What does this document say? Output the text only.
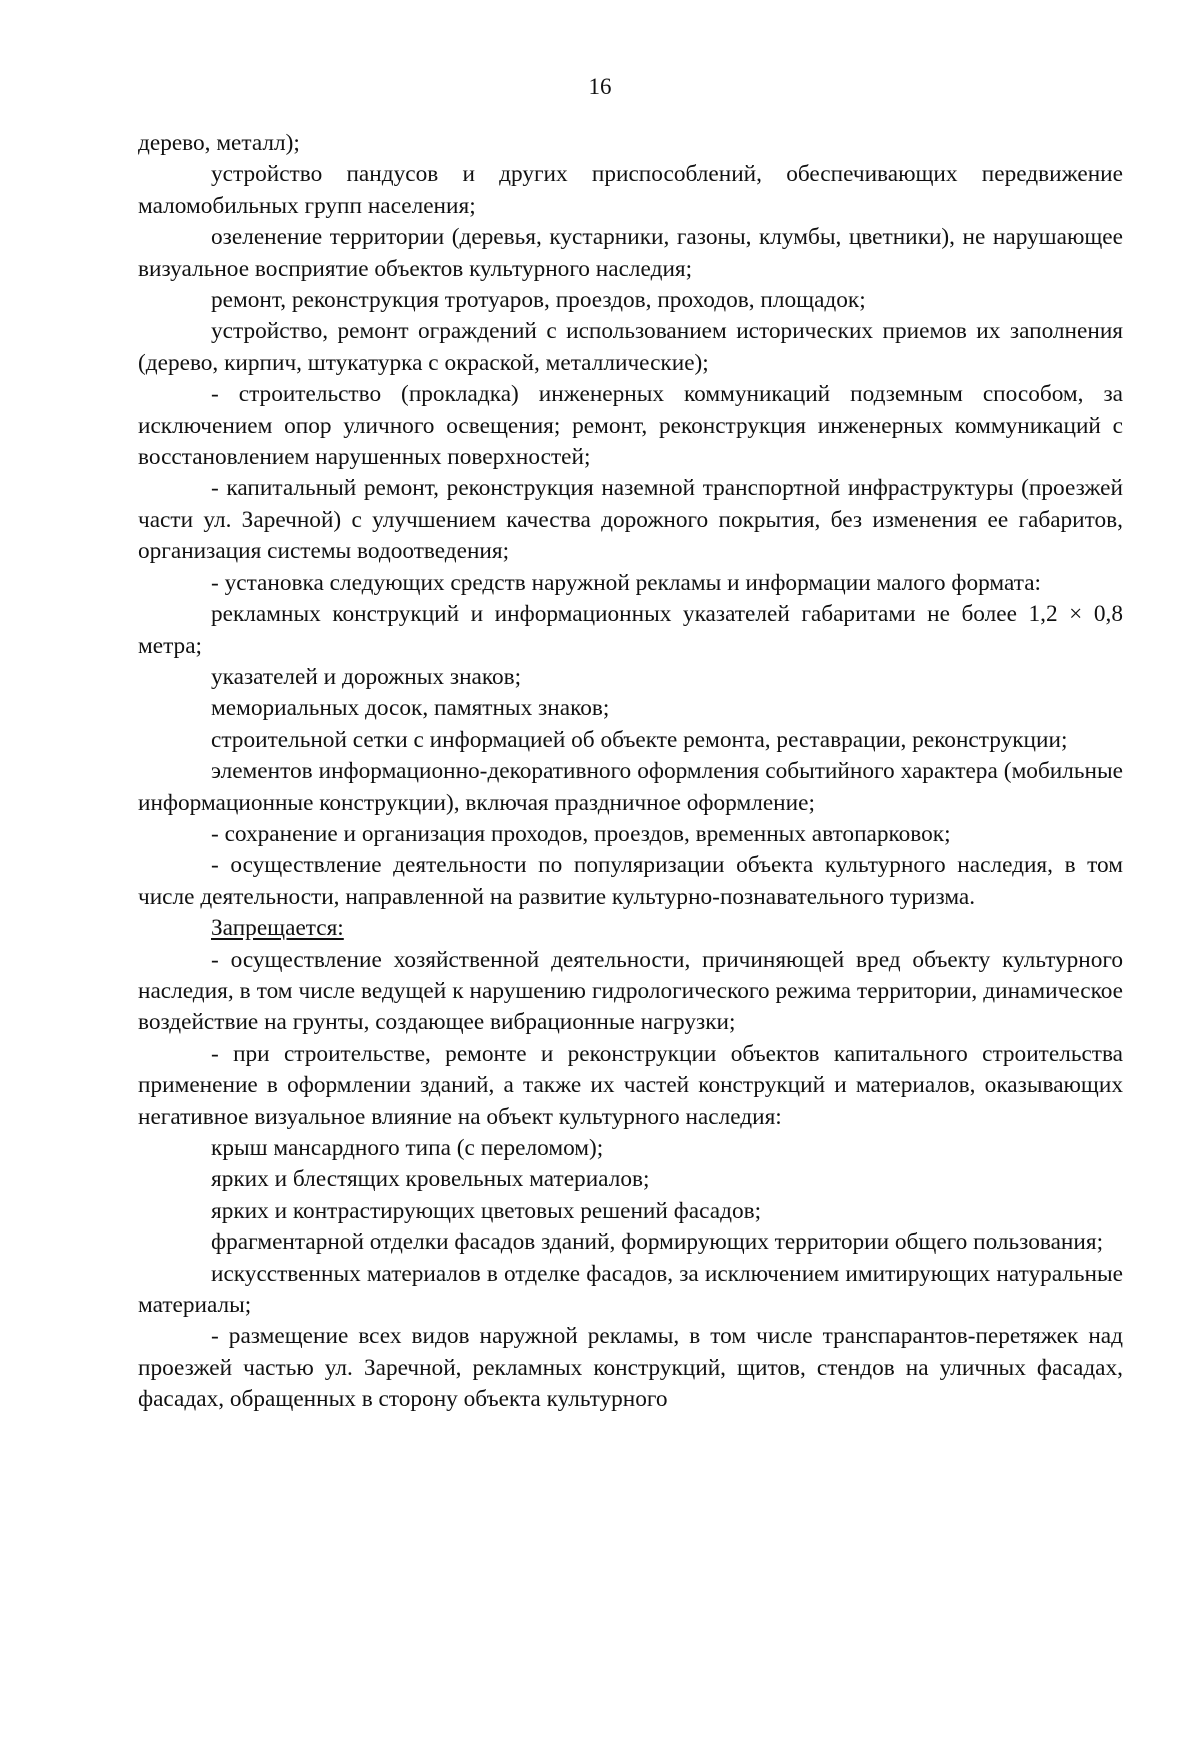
16

дерево, металл);

устройство пандусов и других приспособлений, обеспечивающих передвижение маломобильных групп населения;

озеленение территории (деревья, кустарники, газоны, клумбы, цветники), не нарушающее визуальное восприятие объектов культурного наследия;

ремонт, реконструкция тротуаров, проездов, проходов, площадок;

устройство, ремонт ограждений с использованием исторических приемов их заполнения (дерево, кирпич, штукатурка с окраской, металлические);

- строительство (прокладка) инженерных коммуникаций подземным способом, за исключением опор уличного освещения; ремонт, реконструкция инженерных коммуникаций с восстановлением нарушенных поверхностей;

- капитальный ремонт, реконструкция наземной транспортной инфраструктуры (проезжей части ул. Заречной) с улучшением качества дорожного покрытия, без изменения ее габаритов, организация системы водоотведения;

- установка следующих средств наружной рекламы и информации малого формата:

рекламных конструкций и информационных указателей габаритами не более 1,2 × 0,8 метра;

указателей и дорожных знаков;

мемориальных досок, памятных знаков;

строительной сетки с информацией об объекте ремонта, реставрации, реконструкции;

элементов информационно-декоративного оформления событийного характера (мобильные информационные конструкции), включая праздничное оформление;

- сохранение и организация проходов, проездов, временных автопарковок;

- осуществление деятельности по популяризации объекта культурного наследия, в том числе деятельности, направленной на развитие культурно-познавательного туризма.

Запрещается:

- осуществление хозяйственной деятельности, причиняющей вред объекту культурного наследия, в том числе ведущей к нарушению гидрологического режима территории, динамическое воздействие на грунты, создающее вибрационные нагрузки;

- при строительстве, ремонте и реконструкции объектов капитального строительства применение в оформлении зданий, а также их частей конструкций и материалов, оказывающих негативное визуальное влияние на объект культурного наследия:

крыш мансардного типа (с переломом);

ярких и блестящих кровельных материалов;

ярких и контрастирующих цветовых решений фасадов;

фрагментарной отделки фасадов зданий, формирующих территории общего пользования;

искусственных материалов в отделке фасадов, за исключением имитирующих натуральные материалы;

- размещение всех видов наружной рекламы, в том числе транспарантов-перетяжек над проезжей частью ул. Заречной, рекламных конструкций, щитов, стендов на уличных фасадах, фасадах, обращенных в сторону объекта культурного
